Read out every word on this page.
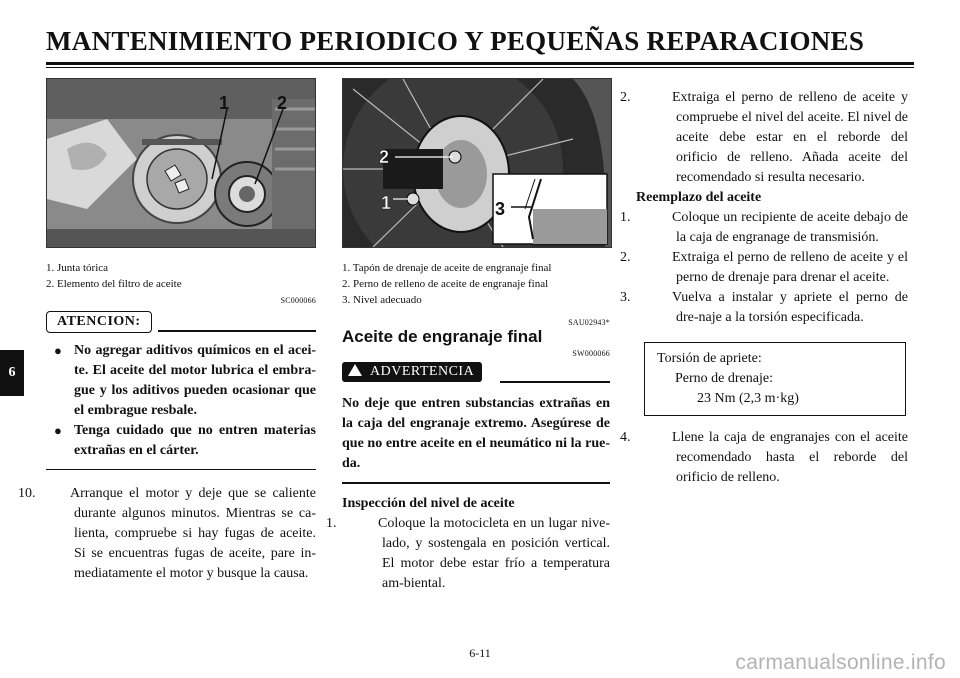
MANTENIMIENTO PERIODICO Y PEQUEÑAS REPARACIONES
6
1	2
1. Junta tórica
2. Elemento del filtro de aceite
SC000066
ATENCION:
● No agregar aditivos químicos en el acei-te. El aceite del motor lubrica el embra-gue y los aditivos pueden ocasionar que el embrague resbale.
● Tenga cuidado que no entren materias extrañas en el cárter.

10. Arranque el motor y deje que se caliente durante algunos minutos. Mientras se ca-lienta, compruebe si hay fugas de aceite. Si se encuentras fugas de aceite, pare in-mediatamente el motor y busque la causa.

2
1	3
1. Tapón de drenaje de aceite de engranaje final
2. Perno de relleno de aceite de engranaje final
3. Nivel adecuado
SAU02943*
Aceite de engranaje final
SW000066
ADVERTENCIA

No deje que entren substancias extrañas en la caja del engranaje extremo. Asegúrese de que no entre aceite en el neumático ni la rue-da.

Inspección del nivel de aceite

1.	Coloque la motocicleta en un lugar nive-lado, y sostengala en posición vertical. El motor debe estar frío a temperatura am-biental.

2.	Extraiga el perno de relleno de aceite y compruebe el nivel del aceite. El nivel de aceite debe estar en el reborde del orificio de relleno. Añada aceite del recomendado si resulta necesario.

Reemplazo del aceite

1.	Coloque un recipiente de aceite debajo de la caja de engranage de transmisión.

2.	Extraiga el perno de relleno de aceite y el perno de drenaje para drenar el aceite.

3.	Vuelva a instalar y apriete el perno de dre-naje a la torsión especificada.

Torsión de apriete:
Perno de drenaje:
23 Nm (2,3 m·kg)

4.	Llene la caja de engranajes con el aceite recomendado hasta el reborde del orificio de relleno.

6-11	carmanualsonline.info
